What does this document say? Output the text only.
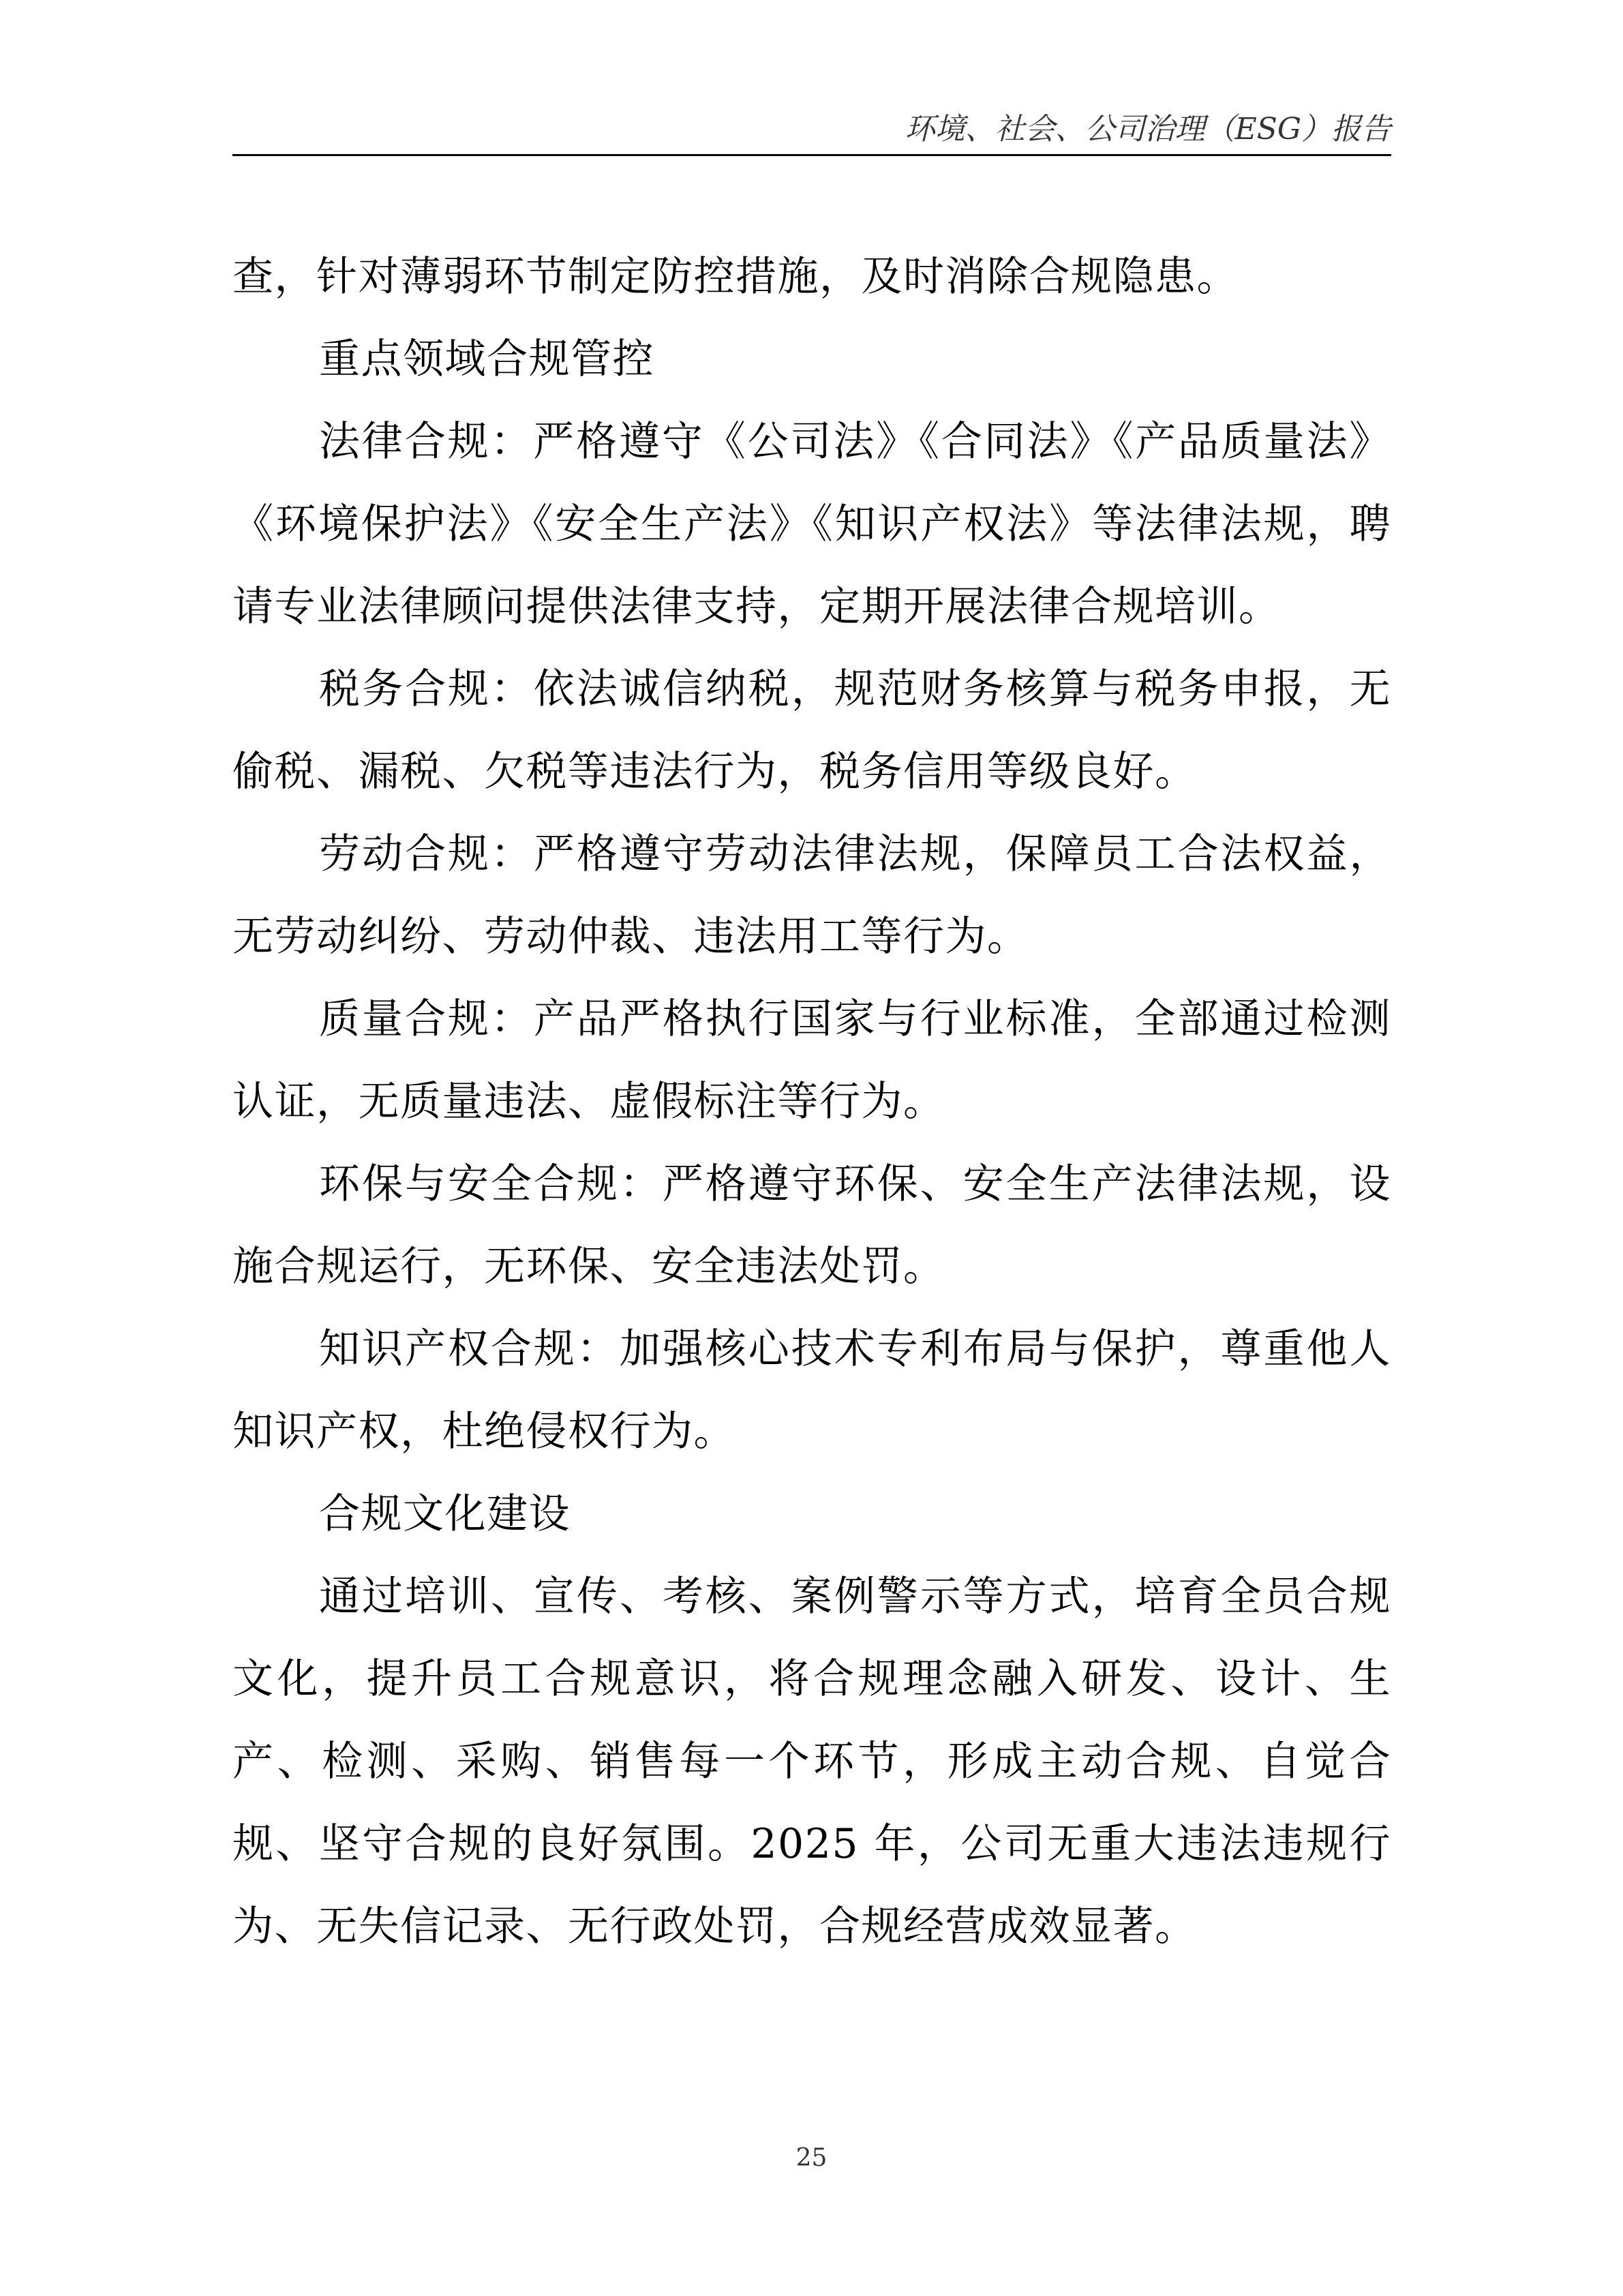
环境、社会、公司治理（ESG）报告

查，针对薄弱环节制定防控措施，及时消除合规隐患。

重点领域合规管控

法律合规：严格遵守《公司法》《合同法》《产品质量法》《环境保护法》《安全生产法》《知识产权法》等法律法规，聘请专业法律顾问提供法律支持，定期开展法律合规培训。

税务合规：依法诚信纳税，规范财务核算与税务申报，无偷税、漏税、欠税等违法行为，税务信用等级良好。

劳动合规：严格遵守劳动法律法规，保障员工合法权益，无劳动纠纷、劳动仲裁、违法用工等行为。

质量合规：产品严格执行国家与行业标准，全部通过检测认证，无质量违法、虚假标注等行为。

环保与安全合规：严格遵守环保、安全生产法律法规，设施合规运行，无环保、安全违法处罚。

知识产权合规：加强核心技术专利布局与保护，尊重他人知识产权，杜绝侵权行为。

合规文化建设

通过培训、宣传、考核、案例警示等方式，培育全员合规文化，提升员工合规意识，将合规理念融入研发、设计、生产、检测、采购、销售每一个环节，形成主动合规、自觉合规、坚守合规的良好氛围。2025 年，公司无重大违法违规行为、无失信记录、无行政处罚，合规经营成效显著。

25
